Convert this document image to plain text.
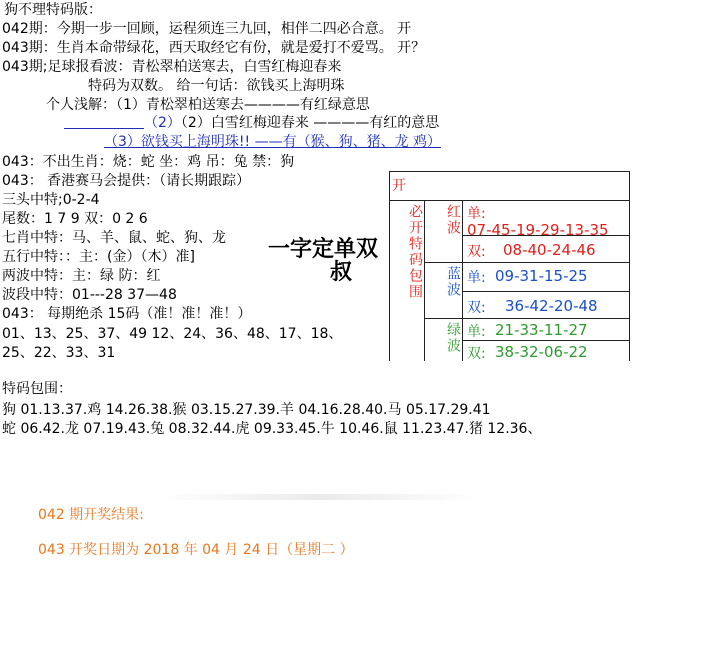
狗不理特码版：
042期：今期一步一回顾，运程须连三九回，相伴二四必合意。 开
043期：生肖本命带绿花，西天取经它有份，就是爱打不爱骂。 开？
043期;足球报看波：青松翠柏送寒去，白雪红梅迎春来
特码为双数。 给一句话：欲钱买上海明珠
个人浅解：（1）青松翠柏送寒去————有红绿意思
（2）（2）白雪红梅迎春来 ————有红的意思
（3）欲钱买上海明珠!! ——有（猴、狗、猪、龙 鸡）
043：不出生肖：烧：蛇 坐：鸡 吊：兔 禁：狗
043： 香港赛马会提供：（请长期跟踪）
三头中特;0-2-4
尾数：1 7 9 双：0 2 6
七肖中特：马、羊、鼠、蛇、狗、龙
五行中特：：主：(金）（木）准]
两波中特：主：绿 防：红
波段中特：01---28 37—48
043： 每期绝杀 15码（准！准！准！）
01、13、25、37、49 12、24、36、48、17、18、
25、22、33、31
一字定单双
叔
开
必开特码包围	红波 单:
07-45-19-29-13-35
双: 08-40-24-46
蓝波 单: 09-31-15-25
双: 36-42-20-48
绿波 单: 21-33-11-27
双: 38-32-06-22
特码包围：
狗 01.13.37.鸡 14.26.38.猴 03.15.27.39.羊 04.16.28.40.马 05.17.29.41
蛇 06.42.龙 07.19.43.兔 08.32.44.虎 09.33.45.牛 10.46.鼠 11.23.47.猪 12.36、
042 期开奖结果:
043 开奖日期为 2018 年 04 月 24 日（星期二 ）
